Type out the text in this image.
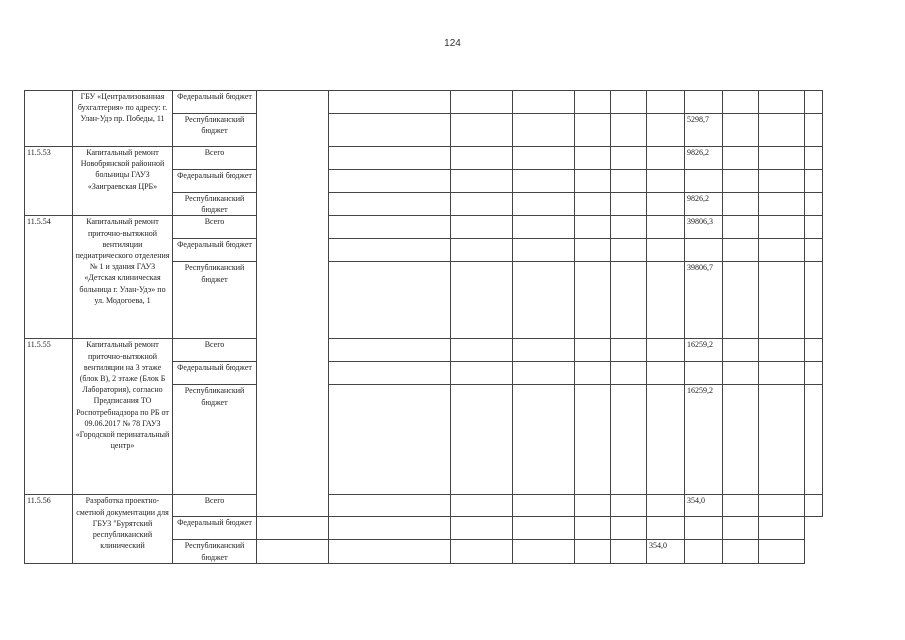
124
	ГБУ «Централизованная бухгалтерия» по адресу: г. Улан-Удэ пр. Победы, 11	Федеральный бюджет											
		Республиканский бюджет								5298,7			
11.5.53	Капитальный ремонт Новобрянской районной больницы ГАУЗ «Заиграевская ЦРБ»	Всего								9826,2			
		Федеральный бюджет											
		Республиканский бюджет								9826,2			
11.5.54	Капитальный ремонт приточно-вытяжной вентиляции педиатрического отделения № 1 и здания ГАУЗ «Детская клиническая больница г. Улан-Удэ» по ул. Модогоева, 1	Всего								39806,3			
		Федеральный бюджет											
		Республиканский бюджет								39806,7			
11.5.55	Капитальный ремонт приточно-вытяжной вентиляции на 3 этаже (блок В), 2 этаже (Блок Б Лаборатория), согласно Предписания ТО Роспотребнадзора по РБ от 09.06.2017 № 78 ГАУЗ «Городской перинатальный центр»	Всего								16259,2			
		Федеральный бюджет											
		Республиканский бюджет								16259,2			
11.5.56	Разработка проектно-сметной документации для ГБУЗ "Бурятский республиканский клинический	Всего								354,0			
		Федеральный бюджет											
		Республиканский бюджет							354,0				
